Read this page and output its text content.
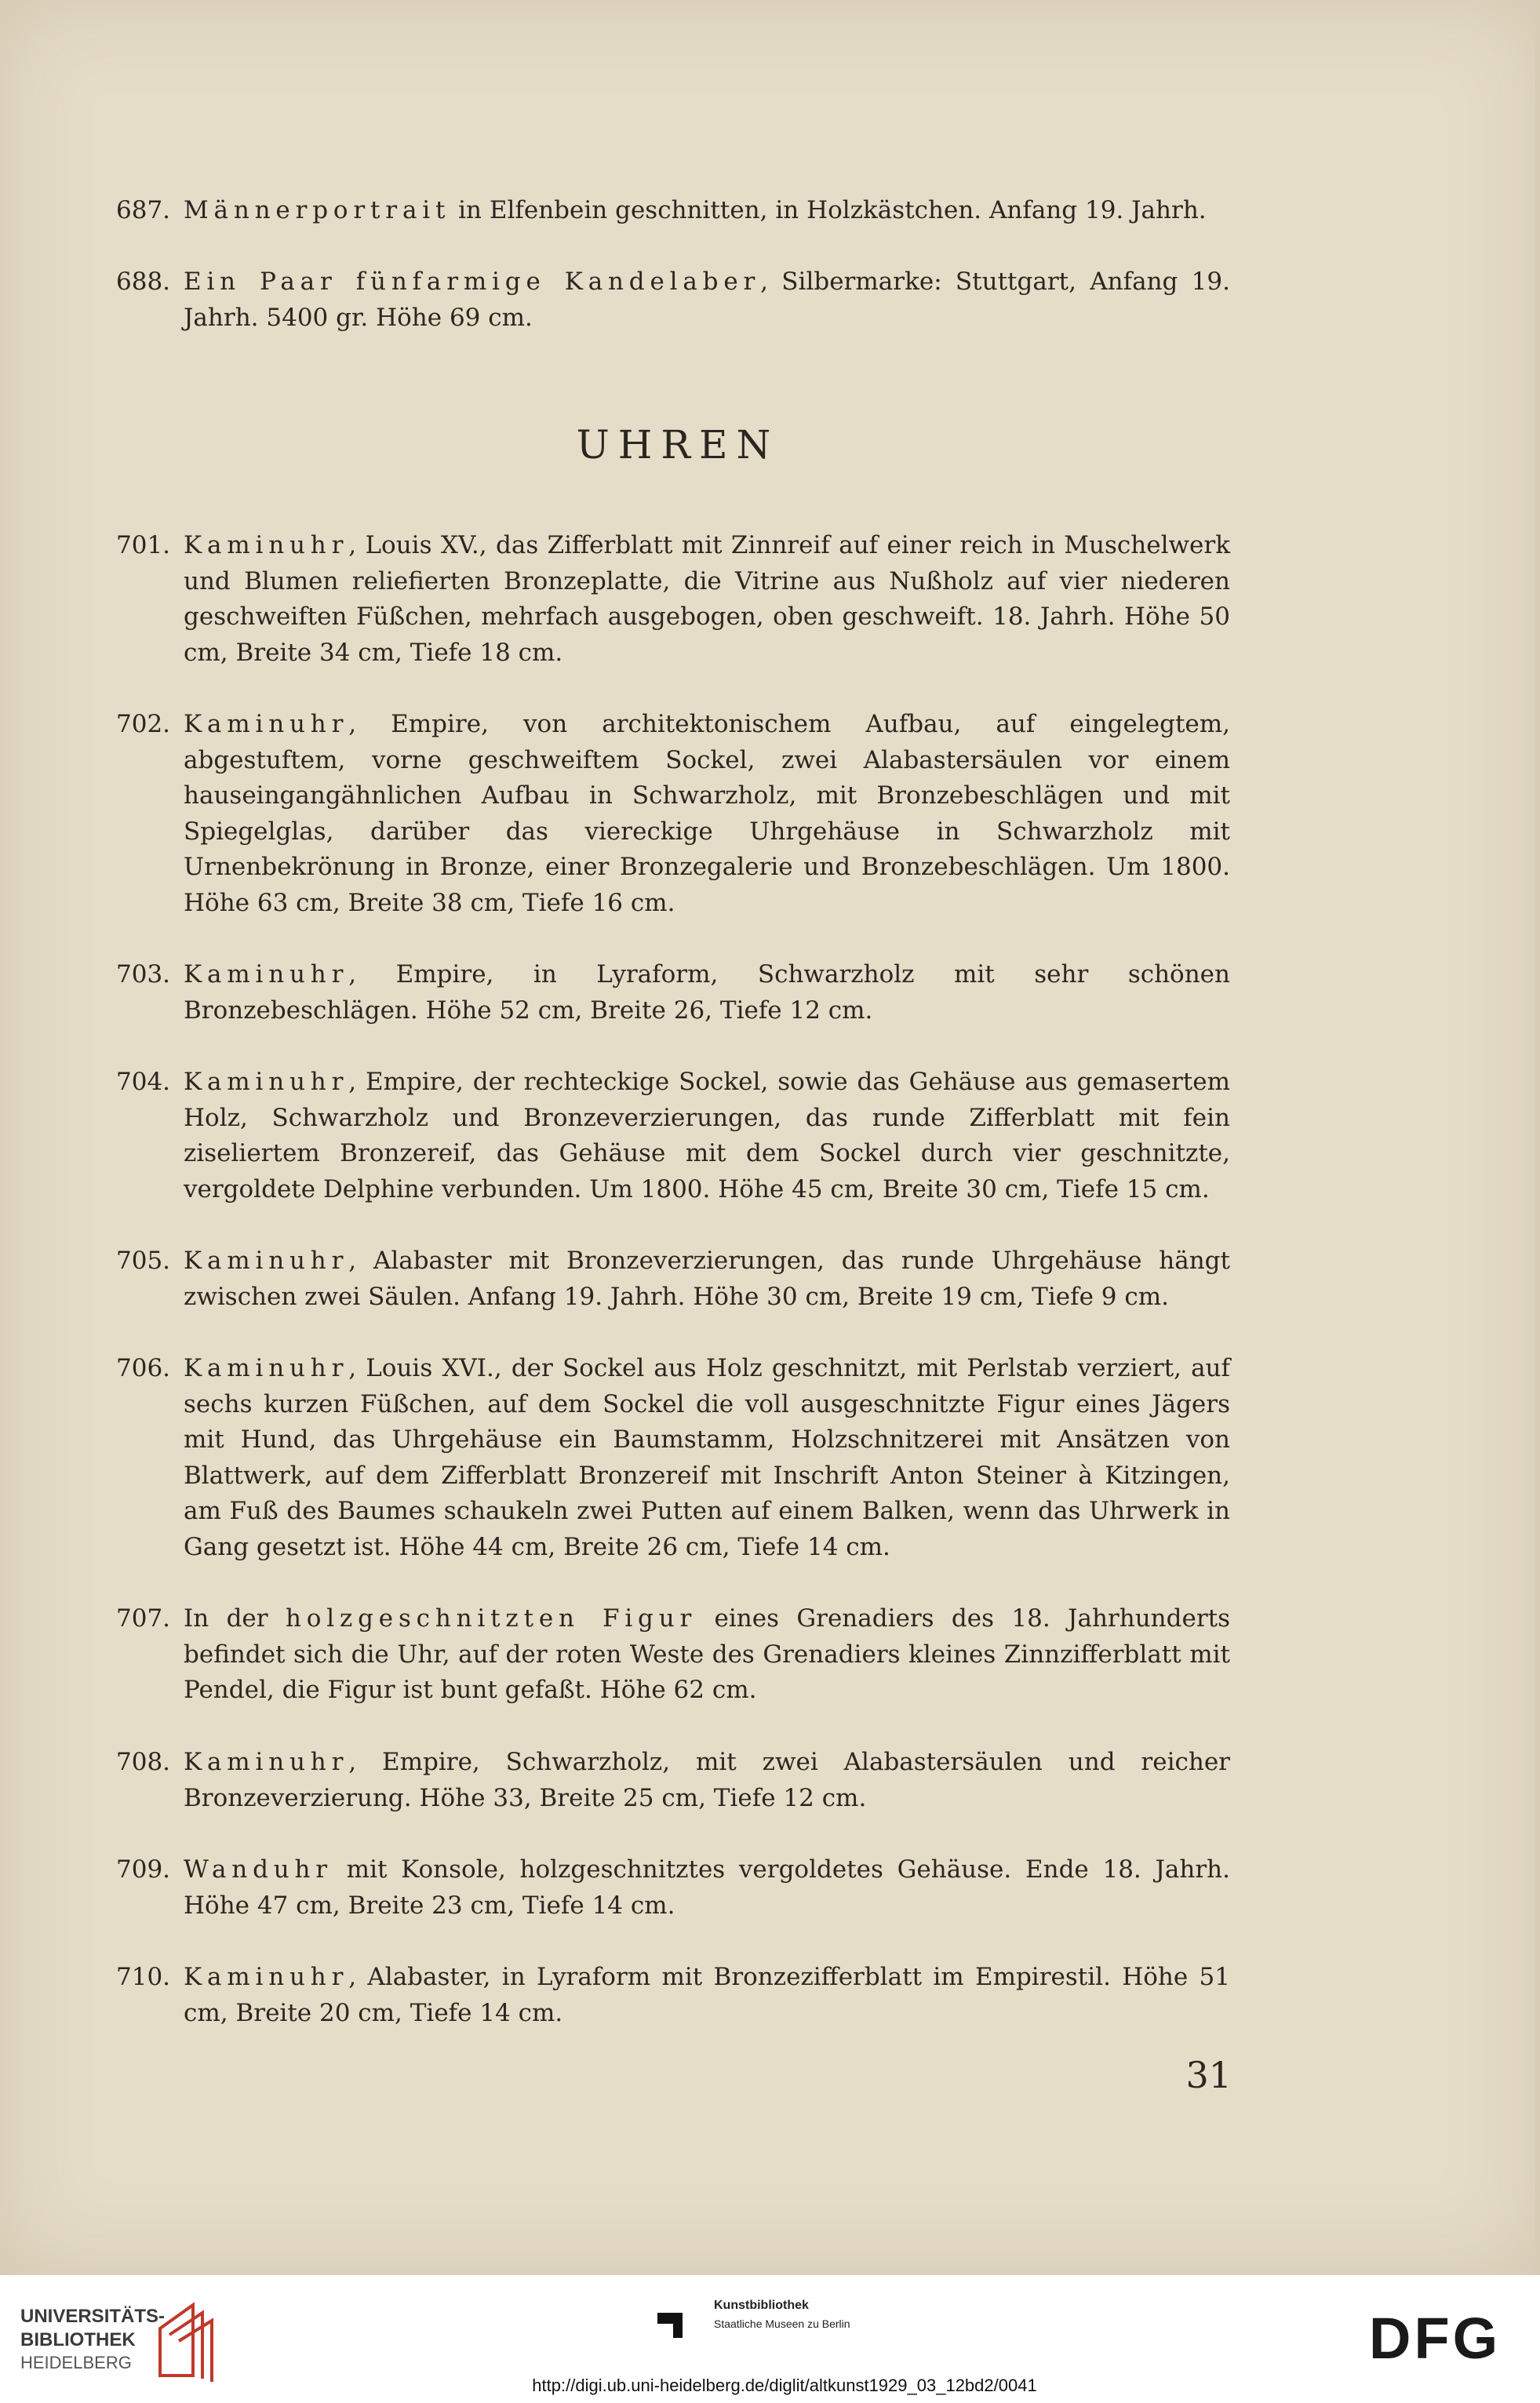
687. Männerportrait in Elfenbein geschnitten, in Holzkästchen. Anfang 19. Jahrh.
688. Ein Paar fünfarmige Kandelaber, Silbermarke: Stuttgart, Anfang 19. Jahrh. 5400 gr. Höhe 69 cm.
UHREN
701. Kaminuhr, Louis XV., das Zifferblatt mit Zinnreif auf einer reich in Muschelwerk und Blumen reliefierten Bronzeplatte, die Vitrine aus Nußholz auf vier niederen geschweiften Füßchen, mehrfach ausgebogen, oben geschweift. 18. Jahrh. Höhe 50 cm, Breite 34 cm, Tiefe 18 cm.
702. Kaminuhr, Empire, von architektonischem Aufbau, auf eingelegtem, abgestuftem, vorne geschweiftem Sockel, zwei Alabastersäulen vor einem hauseingangähnlichen Aufbau in Schwarzholz, mit Bronzebeschlägen und mit Spiegelglas, darüber das viereckige Uhrgehäuse in Schwarzholz mit Urnenbekrönung in Bronze, einer Bronzegalerie und Bronzebeschlägen. Um 1800. Höhe 63 cm, Breite 38 cm, Tiefe 16 cm.
703. Kaminuhr, Empire, in Lyraform, Schwarzholz mit sehr schönen Bronzebeschlägen. Höhe 52 cm, Breite 26, Tiefe 12 cm.
704. Kaminuhr, Empire, der rechteckige Sockel, sowie das Gehäuse aus gemasertem Holz, Schwarzholz und Bronzeverzierungen, das runde Zifferblatt mit fein ziseliertem Bronzereif, das Gehäuse mit dem Sockel durch vier geschnitzte, vergoldete Delphine verbunden. Um 1800. Höhe 45 cm, Breite 30 cm, Tiefe 15 cm.
705. Kaminuhr, Alabaster mit Bronzeverzierungen, das runde Uhrgehäuse hängt zwischen zwei Säulen. Anfang 19. Jahrh. Höhe 30 cm, Breite 19 cm, Tiefe 9 cm.
706. Kaminuhr, Louis XVI., der Sockel aus Holz geschnitzt, mit Perlstab verziert, auf sechs kurzen Füßchen, auf dem Sockel die voll ausgeschnitzte Figur eines Jägers mit Hund, das Uhrgehäuse ein Baumstamm, Holzschnitzerei mit Ansätzen von Blattwerk, auf dem Zifferblatt Bronzereif mit Inschrift Anton Steiner à Kitzingen, am Fuß des Baumes schaukeln zwei Putten auf einem Balken, wenn das Uhrwerk in Gang gesetzt ist. Höhe 44 cm, Breite 26 cm, Tiefe 14 cm.
707. In der holzgeschnitzten Figur eines Grenadiers des 18. Jahrhunderts befindet sich die Uhr, auf der roten Weste des Grenadiers kleines Zinnzifferblatt mit Pendel, die Figur ist bunt gefaßt. Höhe 62 cm.
708. Kaminuhr, Empire, Schwarzholz, mit zwei Alabastersäulen und reicher Bronzeverzierung. Höhe 33, Breite 25 cm, Tiefe 12 cm.
709. Wanduhr mit Konsole, holzgeschnitztes vergoldetes Gehäuse. Ende 18. Jahrh. Höhe 47 cm, Breite 23 cm, Tiefe 14 cm.
710. Kaminuhr, Alabaster, in Lyraform mit Bronzezifferblatt im Empirestil. Höhe 51 cm, Breite 20 cm, Tiefe 14 cm.
31
UNIVERSITÄTS-
BIBLIOTHEK
HEIDELBERG
Kunstbibliothek
Staatliche Museen zu Berlin	DFG
http://digi.ub.uni-heidelberg.de/diglit/altkunst1929_03_12bd2/0041
